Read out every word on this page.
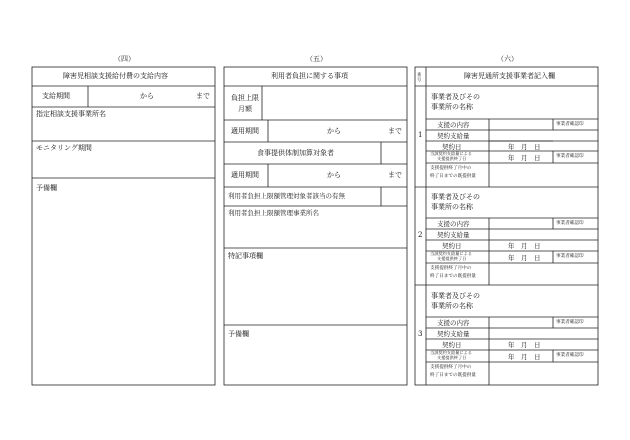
（四）
障害児相談支援給付費の支給内容
支給期間	から	まで
指定相談支援事業所名
モニタリング期間
予備欄
（五）
利用者負担に関する事項
負担上限
月額
適用期間	から	まで
食事提供体制加算対象者
適用期間	から	まで
利用者負担上限額管理対象者該当の有無
利用者負担上限額管理事業所名
特記事項欄
予備欄
（六）
番号	障害児通所支援事業者記入欄
1
事業者及びその
事業所の名称
支援の内容	事業者確認印
契約支給量
契約日	年　月　日
当該契約支給量による
支援提供終了日	年　月　日	事業者確認印
支援提供終了月中の
終了日までの既提供量
2
事業者及びその
事業所の名称
支援の内容	事業者確認印
契約支給量
契約日	年　月　日
当該契約支給量による
支援提供終了日	年　月　日	事業者確認印
支援提供終了月中の
終了日までの既提供量
3
事業者及びその
事業所の名称
支援の内容	事業者確認印
契約支給量
契約日	年　月　日
当該契約支給量による
支援提供終了日	年　月　日	事業者確認印
支援提供終了月中の
終了日までの既提供量
